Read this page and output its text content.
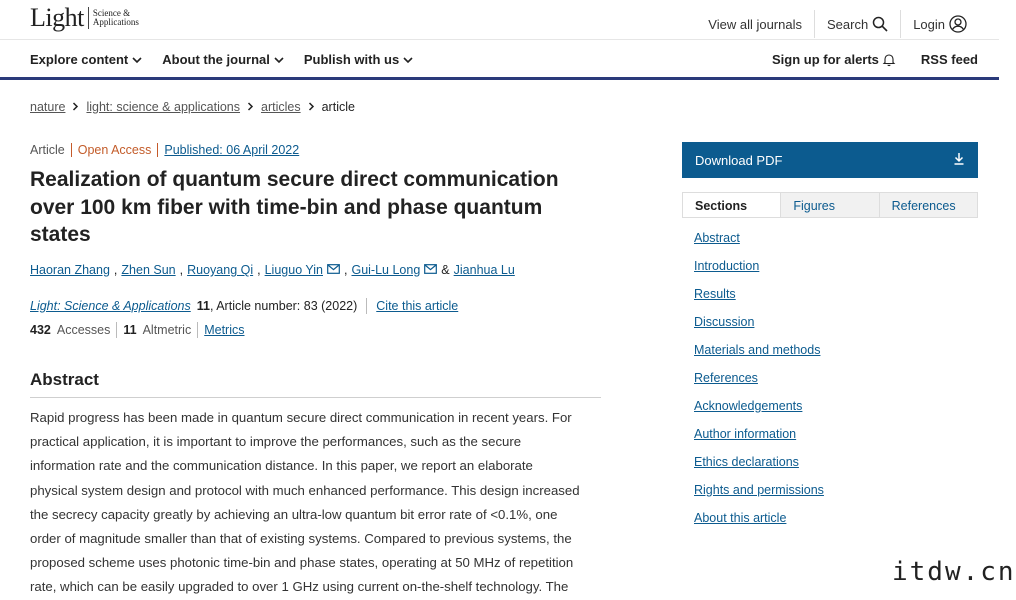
Light Science &
Applications	View all journals	Search	Login
Explore content	About the journal	Publish with us	Sign up for alerts	RSS feed
nature light: science & applications articles article
Article Open Access Published: 06 April 2022
Realization of quantum secure direct communication over 100 km fiber with time-bin and phase quantum states
Haoran Zhang , Zhen Sun , Ruoyang Qi , Liuguo Yin , Gui-Lu Long & Jianhua Lu
Light: Science & Applications 11, Article number: 83 (2022) Cite this article
432 Accesses 11 Altmetric Metrics
Abstract
Rapid progress has been made in quantum secure direct communication in recent years. For
practical application, it is important to improve the performances, such as the secure
information rate and the communication distance. In this paper, we report an elaborate
physical system design and protocol with much enhanced performance. This design increased
the secrecy capacity greatly by achieving an ultra-low quantum bit error rate of <0.1%, one
order of magnitude smaller than that of existing systems. Compared to previous systems, the
proposed scheme uses photonic time-bin and phase states, operating at 50 MHz of repetition
rate, which can be easily upgraded to over 1 GHz using current on-the-shelf technology. The
Download PDF
Sections	Figures	References
Abstract
Introduction
Results
Discussion
Materials and methods
References
Acknowledgements
Author information
Ethics declarations
Rights and permissions
About this article
itdw.cn
